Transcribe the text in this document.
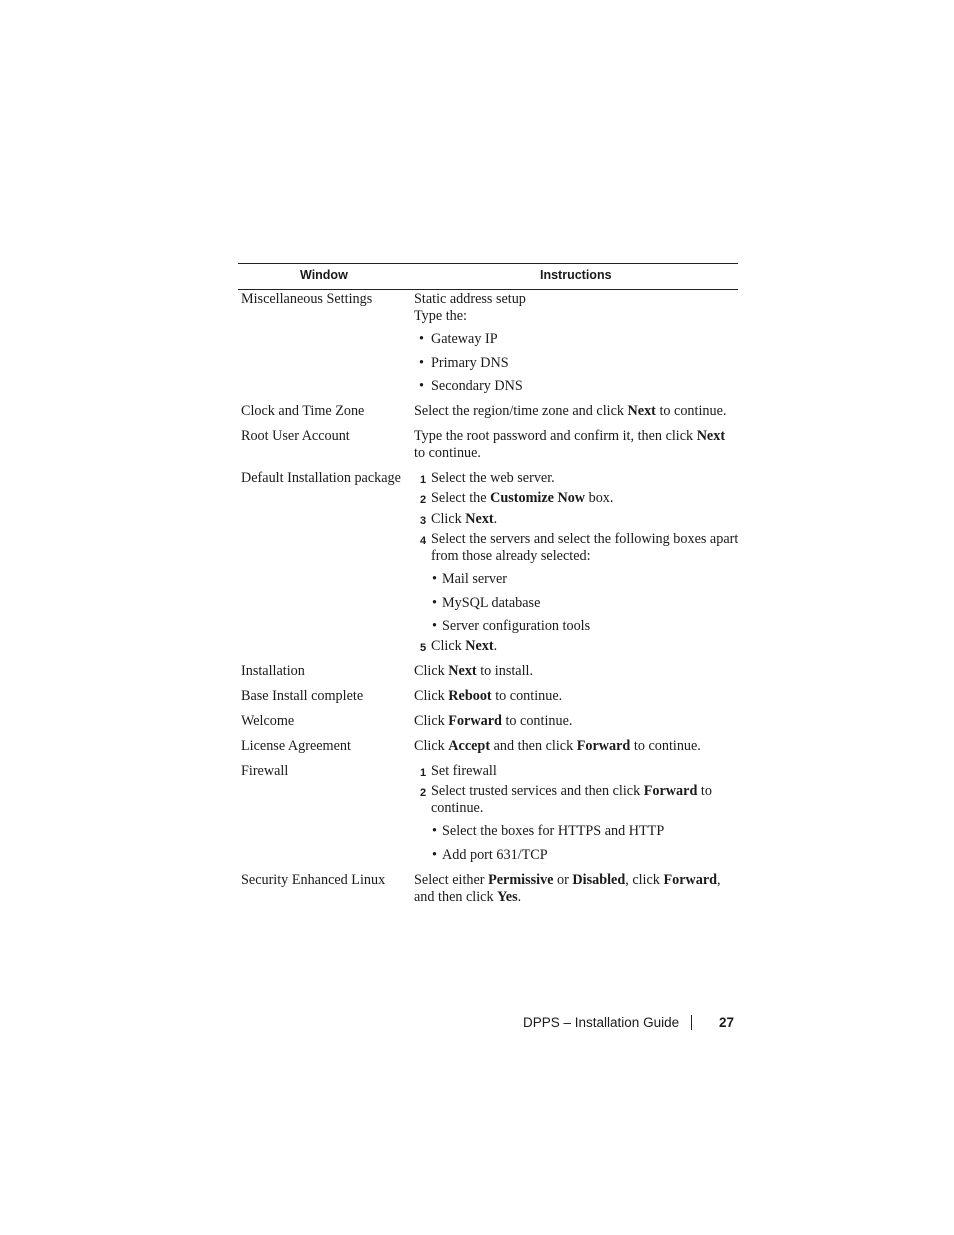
Window	Instructions
Miscellaneous Settings	Static address setup
Type the:
• Gateway IP
• Primary DNS
• Secondary DNS
Clock and Time Zone	Select the region/time zone and click Next to continue.
Root User Account	Type the root password and confirm it, then click Next
to continue.
Default Installation package	1 Select the web server.
2 Select the Customize Now box.
3 Click Next.
4 Select the servers and select the following boxes apart
from those already selected:
• Mail server
• MySQL database
• Server configuration tools
5 Click Next.
Installation	Click Next to install.
Base Install complete	Click Reboot to continue.
Welcome	Click Forward to continue.
License Agreement	Click Accept and then click Forward to continue.
Firewall	1 Set firewall
2 Select trusted services and then click Forward to
continue.
• Select the boxes for HTTPS and HTTP
• Add port 631/TCP
Security Enhanced Linux	Select either Permissive or Disabled, click Forward,
and then click Yes.
DPPS – Installation Guide	27
